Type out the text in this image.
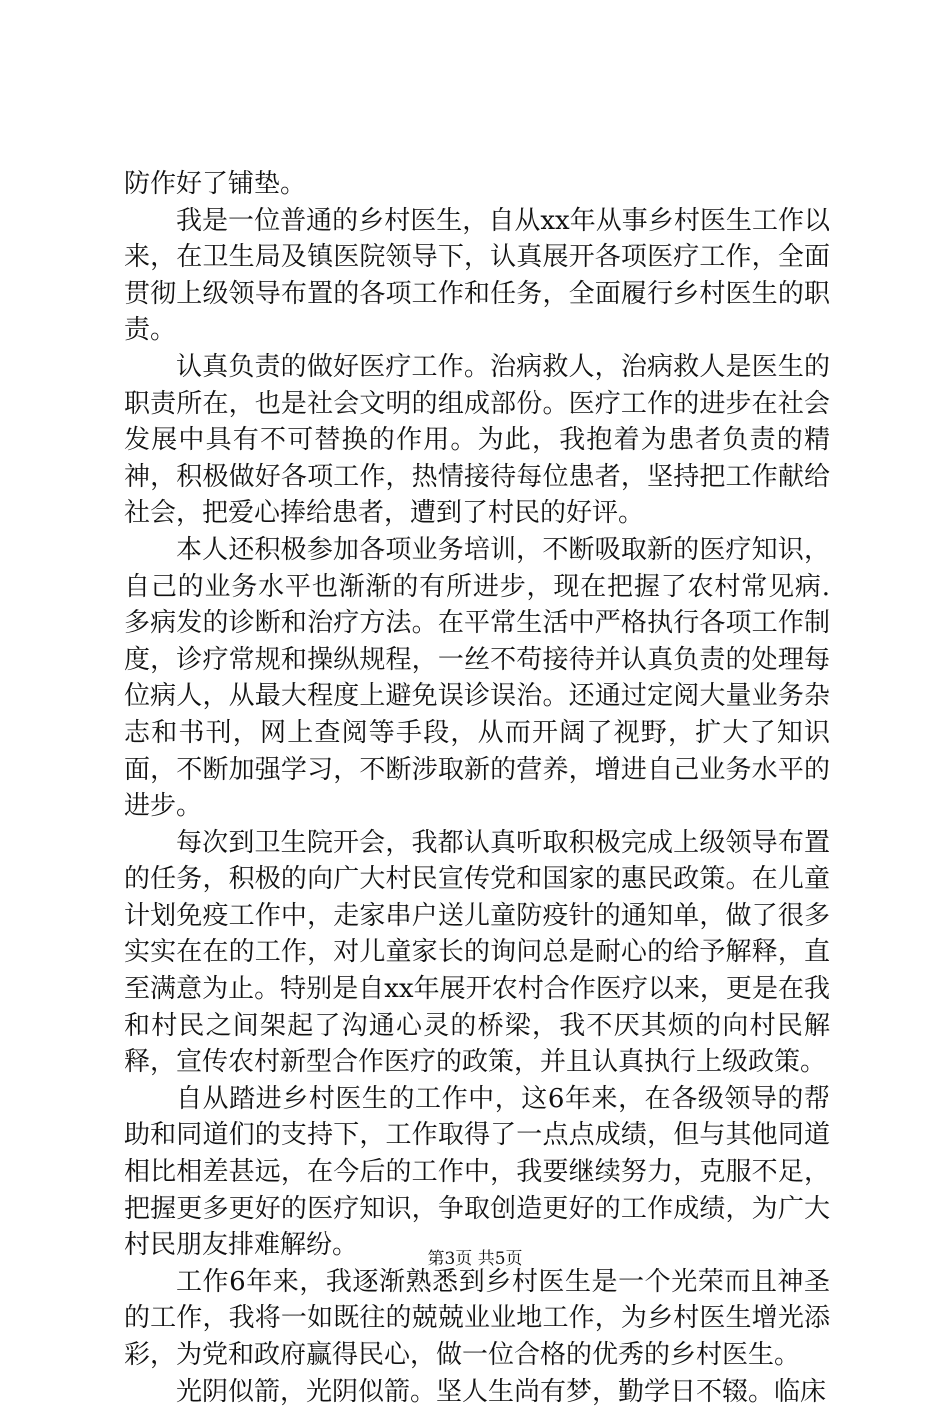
防作好了铺垫。

我是一位普通的乡村医生，自从xx年从事乡村医生工作以来，在卫生局及镇医院领导下，认真展开各项医疗工作，全面贯彻上级领导布置的各项工作和任务，全面履行乡村医生的职责。

认真负责的做好医疗工作。治病救人，治病救人是医生的职责所在，也是社会文明的组成部份。医疗工作的进步在社会发展中具有不可替换的作用。为此，我抱着为患者负责的精神，积极做好各项工作，热情接待每位患者，坚持把工作献给社会，把爱心捧给患者，遭到了村民的好评。

本人还积极参加各项业务培训，不断吸取新的医疗知识，自己的业务水平也渐渐的有所进步，现在把握了农村常见病.多病发的诊断和治疗方法。在平常生活中严格执行各项工作制度，诊疗常规和操纵规程，一丝不苟接待并认真负责的处理每位病人，从最大程度上避免误诊误治。还通过定阅大量业务杂志和书刊，网上查阅等手段，从而开阔了视野，扩大了知识面，不断加强学习，不断涉取新的营养，增进自己业务水平的进步。

每次到卫生院开会，我都认真听取积极完成上级领导布置的任务，积极的向广大村民宣传党和国家的惠民政策。在儿童计划免疫工作中，走家串户送儿童防疫针的通知单，做了很多实实在在的工作，对儿童家长的询问总是耐心的给予解释，直至满意为止。特别是自xx年展开农村合作医疗以来，更是在我和村民之间架起了沟通心灵的桥梁，我不厌其烦的向村民解释，宣传农村新型合作医疗的政策，并且认真执行上级政策。

自从踏进乡村医生的工作中，这6年来，在各级领导的帮助和同道们的支持下，工作取得了一点点成绩，但与其他同道相比相差甚远，在今后的工作中，我要继续努力，克服不足，把握更多更好的医疗知识，争取创造更好的工作成绩，为广大村民朋友排难解纷。

工作6年来，我逐渐熟悉到乡村医生是一个光荣而且神圣的工作，我将一如既往的兢兢业业地工作，为乡村医生增光添彩，为党和政府赢得民心，做一位合格的优秀的乡村医生。

光阴似箭，光阴似箭。坚人生尚有梦，勤学日不辍。临床

第3页 共5页
